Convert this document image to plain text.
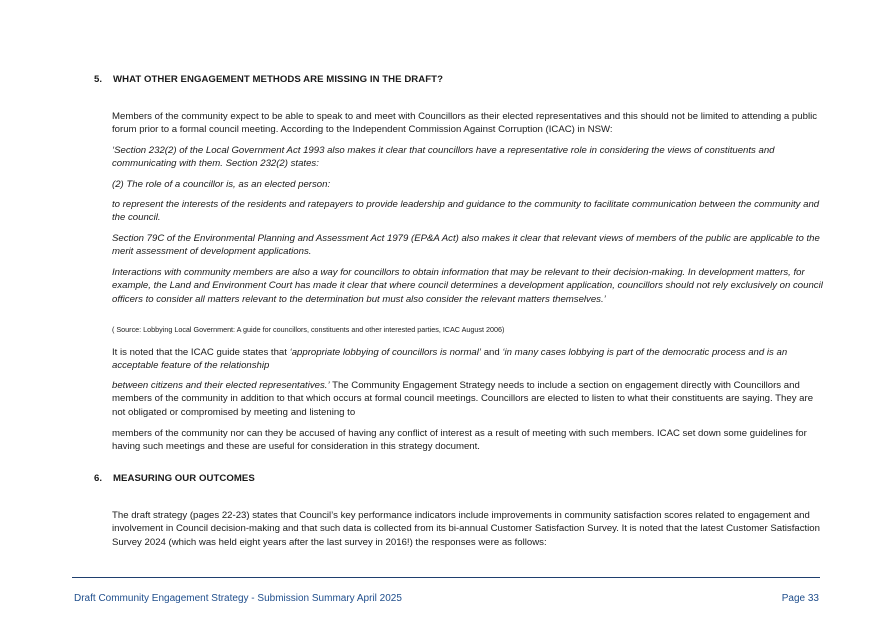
5. WHAT OTHER ENGAGEMENT METHODS ARE MISSING IN THE DRAFT?

Members of the community expect to be able to speak to and meet with Councillors as their elected representatives and this should not be limited to attending a public forum prior to a formal council meeting. According to the Independent Commission Against Corruption (ICAC) in NSW:

‘Section 232(2) of the Local Government Act 1993 also makes it clear that councillors have a representative role in considering the views of constituents and communicating with them. Section 232(2) states:

(2) The role of a councillor is, as an elected person:

to represent the interests of the residents and ratepayers to provide leadership and guidance to the community to facilitate communication between the community and the council.

Section 79C of the Environmental Planning and Assessment Act 1979 (EP&A Act) also makes it clear that relevant views of members of the public are applicable to the merit assessment of development applications.

Interactions with community members are also a way for councillors to obtain information that may be relevant to their decision-making. In development matters, for example, the Land and Environment Court has made it clear that where council determines a development application, councillors should not rely exclusively on council officers to consider all matters relevant to the determination but must also consider the relevant matters themselves.’

( Source: Lobbying Local Government: A guide for councillors, constituents and other interested parties, ICAC August 2006)

It is noted that the ICAC guide states that ‘appropriate lobbying of councillors is normal’ and ‘in many cases lobbying is part of the democratic process and is an acceptable feature of the relationship

between citizens and their elected representatives.’ The Community Engagement Strategy needs to include a section on engagement directly with Councillors and members of the community in addition to that which occurs at formal council meetings. Councillors are elected to listen to what their constituents are saying. They are not obligated or compromised by meeting and listening to

members of the community nor can they be accused of having any conflict of interest as a result of meeting with such members. ICAC set down some guidelines for having such meetings and these are useful for consideration in this strategy document.

6. MEASURING OUR OUTCOMES

The draft strategy (pages 22-23) states that Council’s key performance indicators include improvements in community satisfaction scores related to engagement and involvement in Council decision-making and that such data is collected from its bi-annual Customer Satisfaction Survey. It is noted that the latest Customer Satisfaction Survey 2024 (which was held eight years after the last survey in 2016!) the responses were as follows:

Draft Community Engagement Strategy - Submission Summary April 2025	Page 33
